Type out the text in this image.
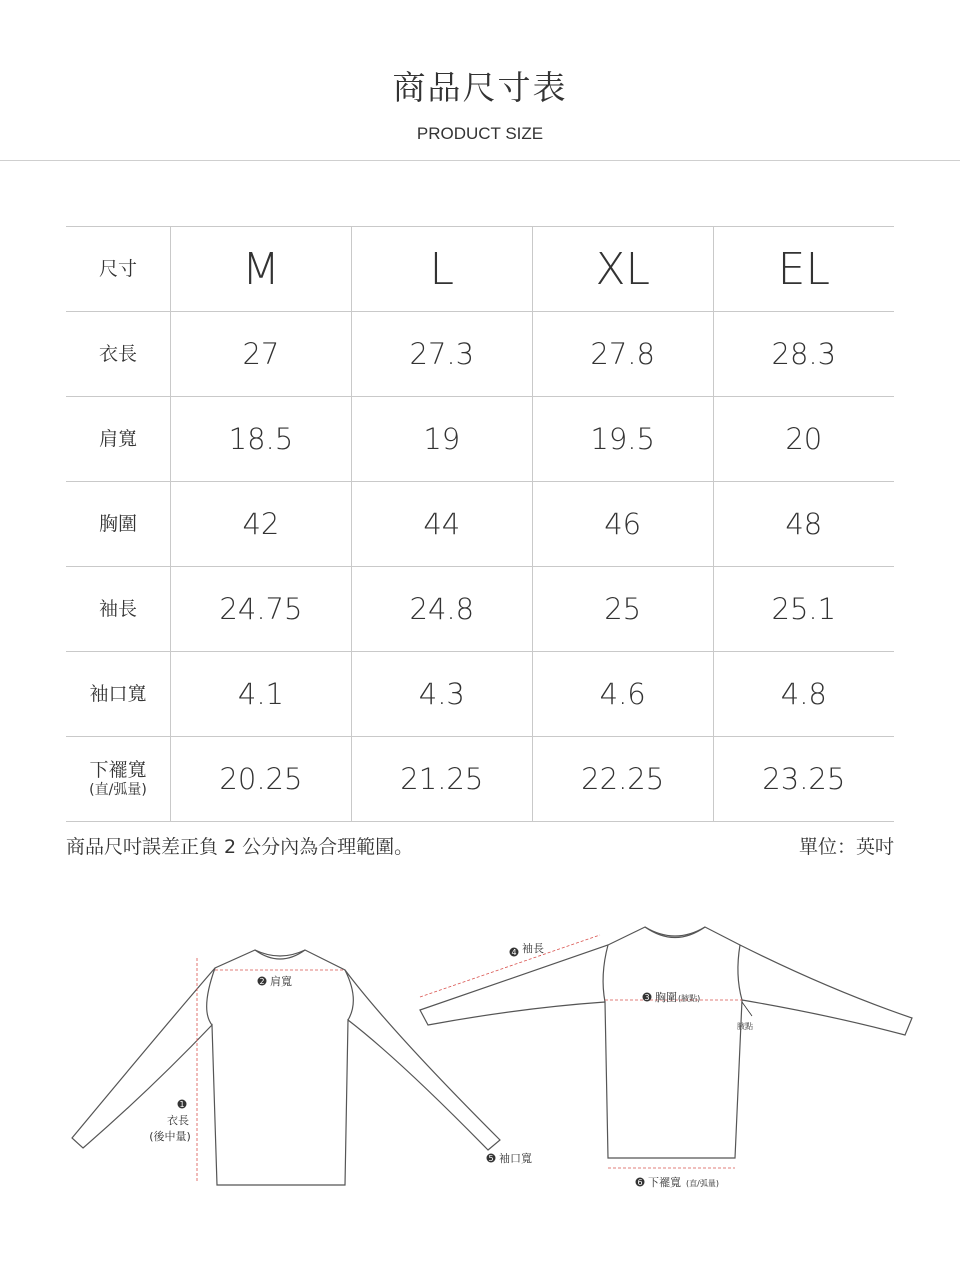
商品尺寸表
PRODUCT SIZE
尺寸	M	L	XL	EL
衣長	27	27.3	27.8	28.3
肩寬	18.5	19	19.5	20
胸圍	42	44	46	48
袖長	24.75	24.8	25	25.1
袖口寬	4.1	4.3	4.6	4.8
下襬寬
(直/弧量)	20.25	21.25	22.25	23.25
商品尺吋誤差正負 2 公分內為合理範圍。	單位：英吋
2 肩寬
1
衣長
(後中量)
5 袖口寬
4 袖長
3 胸圍 (腋點)
腋點
6 下襬寬 (直/弧量)
